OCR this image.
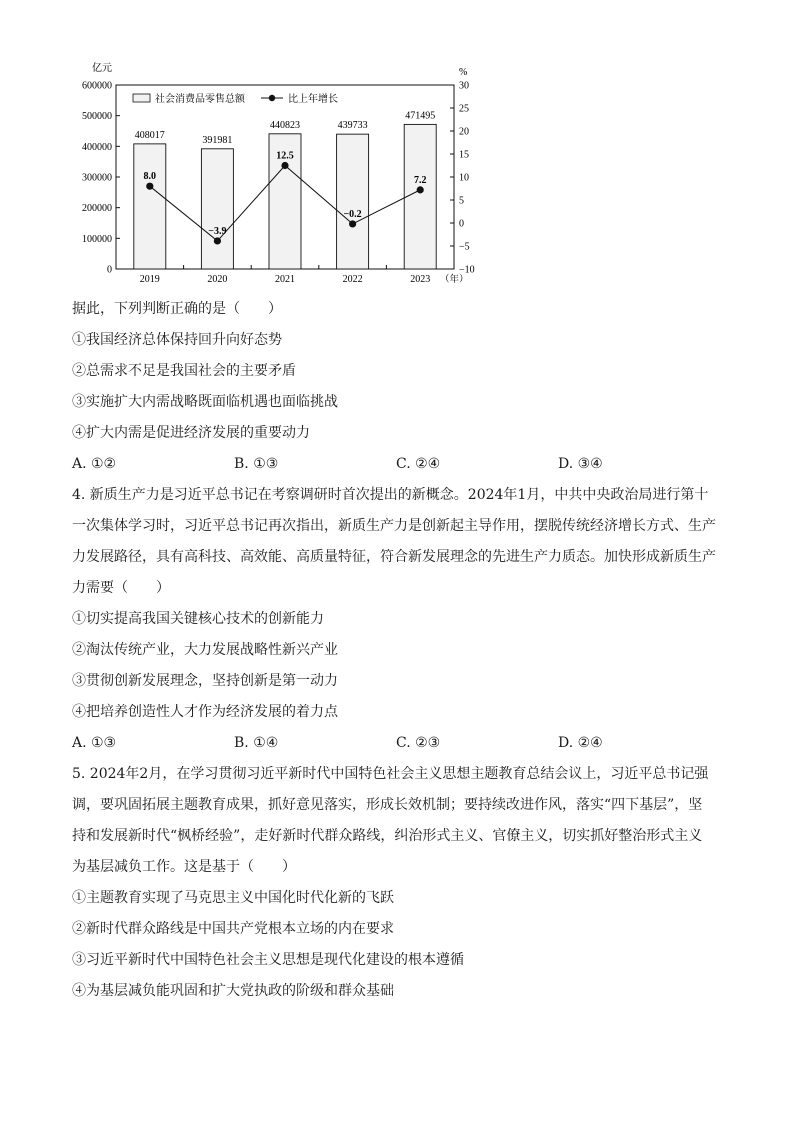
亿元	%
0
100000
200000
300000
400000
500000
600000
−10
−5
0
5
10
15
20
25
30
社会消费品零售总额	比上年增长
408017	391981
440823	439733
471495
8.0
−3.9
12.5
−0.2
7.2
2019	2020	2021	2022	2023 （年）
据此，下列判断正确的是（　　）
①我国经济总体保持回升向好态势
②总需求不足是我国社会的主要矛盾
③实施扩大内需战略既面临机遇也面临挑战
④扩大内需是促进经济发展的重要动力
A. ①②	B. ①③	C. ②④	D. ③④
4. 新质生产力是习近平总书记在考察调研时首次提出的新概念。2024年1月，中共中央政治局进行第十
一次集体学习时，习近平总书记再次指出，新质生产力是创新起主导作用，摆脱传统经济增长方式、生产
力发展路径，具有高科技、高效能、高质量特征，符合新发展理念的先进生产力质态。加快形成新质生产
力需要（　　）
①切实提高我国关键核心技术的创新能力
②淘汰传统产业，大力发展战略性新兴产业
③贯彻创新发展理念，坚持创新是第一动力
④把培养创造性人才作为经济发展的着力点
A. ①③	B. ①④	C. ②③	D. ②④
5. 2024年2月，在学习贯彻习近平新时代中国特色社会主义思想主题教育总结会议上，习近平总书记强
调，要巩固拓展主题教育成果，抓好意见落实，形成长效机制；要持续改进作风，落实“四下基层”，坚
持和发展新时代“枫桥经验”，走好新时代群众路线，纠治形式主义、官僚主义，切实抓好整治形式主义
为基层减负工作。这是基于（　　）
①主题教育实现了马克思主义中国化时代化新的飞跃
②新时代群众路线是中国共产党根本立场的内在要求
③习近平新时代中国特色社会主义思想是现代化建设的根本遵循
④为基层减负能巩固和扩大党执政的阶级和群众基础
